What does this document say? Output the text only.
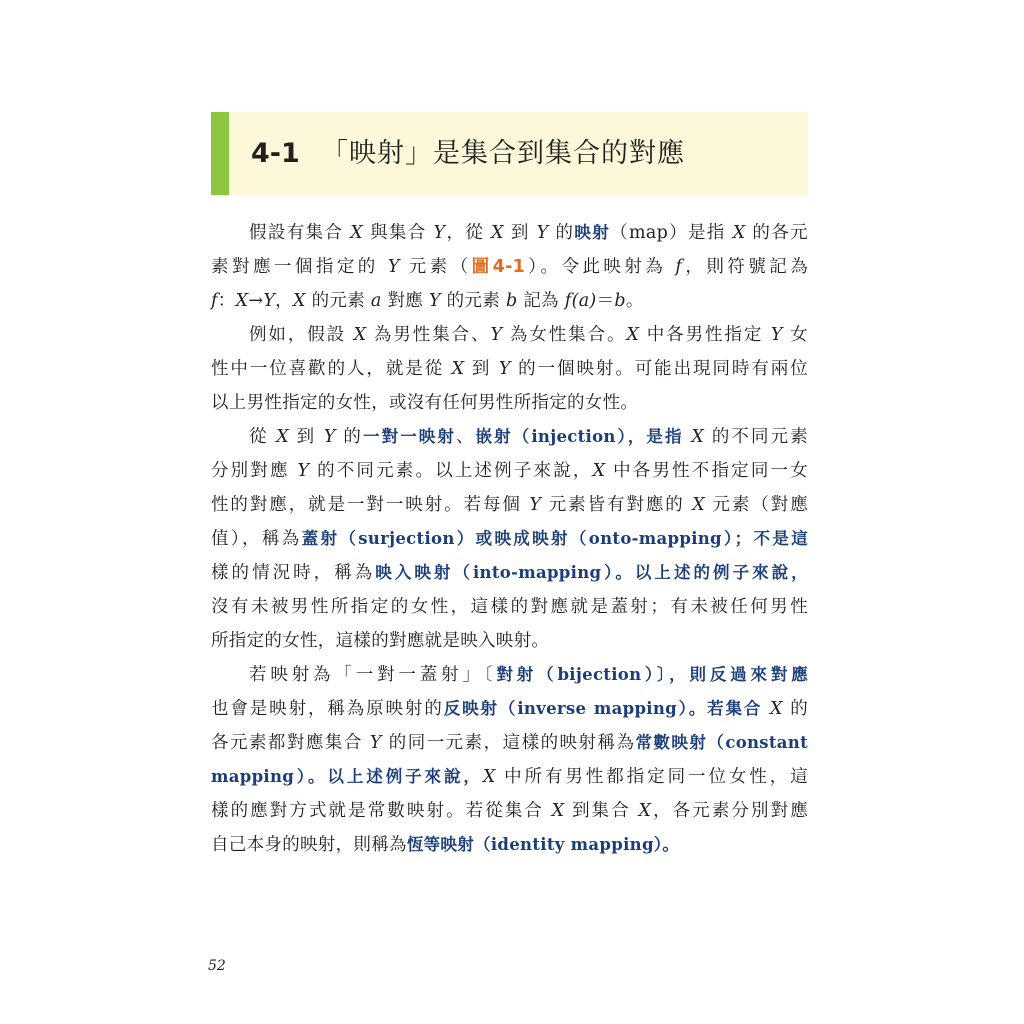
4-1 「映射」是集合到集合的對應
假設有集合 X 與集合 Y，從 X 到 Y 的映射（map）是指 X 的各元
素對應一個指定的 Y 元素（圖4-1）。令此映射為 f，則符號記為
f：X→Y，X 的元素 a 對應 Y 的元素 b 記為 f(a)＝b。
例如，假設 X 為男性集合、Y 為女性集合。X 中各男性指定 Y 女
性中一位喜歡的人，就是從 X 到 Y 的一個映射。可能出現同時有兩位
以上男性指定的女性，或沒有任何男性所指定的女性。
從 X 到 Y 的一對一映射、嵌射（injection），是指 X 的不同元素
分別對應 Y 的不同元素。以上述例子來說，X 中各男性不指定同一女
性的對應，就是一對一映射。若每個 Y 元素皆有對應的 X 元素（對應
值），稱為蓋射（surjection）或映成映射（onto-mapping）；不是這
樣的情況時，稱為映入映射（into-mapping）。以上述的例子來說，
沒有未被男性所指定的女性，這樣的對應就是蓋射；有未被任何男性
所指定的女性，這樣的對應就是映入映射。
若映射為「一對一蓋射」〔對射（bijection）〕，則反過來對應
也會是映射，稱為原映射的反映射（inverse mapping）。若集合 X 的
各元素都對應集合 Y 的同一元素，這樣的映射稱為常數映射（constant
mapping）。以上述例子來說，X 中所有男性都指定同一位女性，這
樣的應對方式就是常數映射。若從集合 X 到集合 X，各元素分別對應
自己本身的映射，則稱為恆等映射（identity mapping）。
52
